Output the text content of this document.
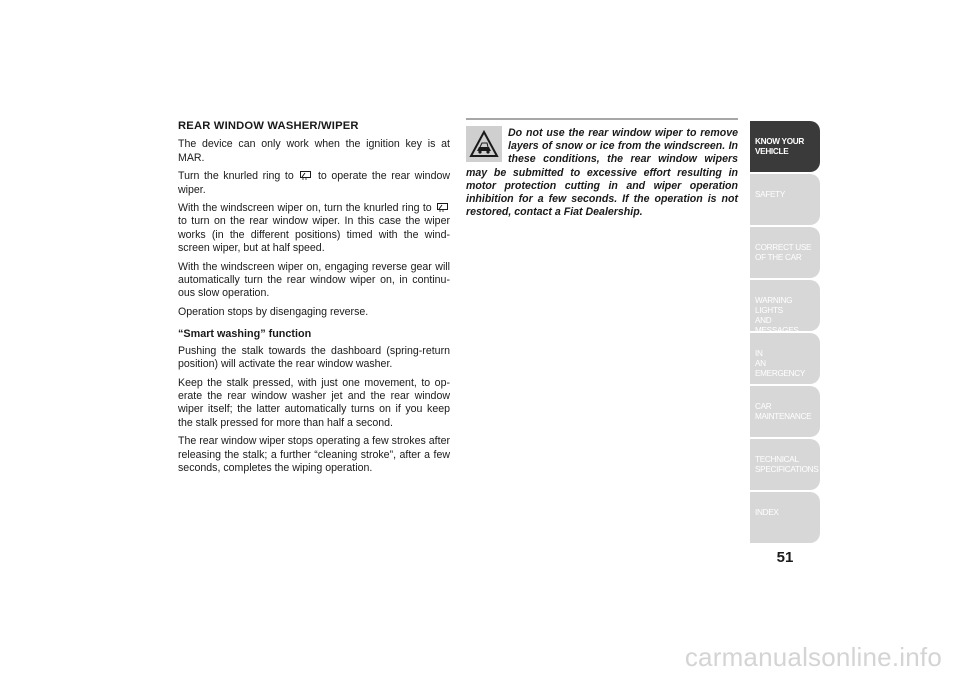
REAR WINDOW WASHER/WIPER

The device can only work when the ignition key is at MAR.

Turn the knurled ring to to operate the rear window wiper.

With the windscreen wiper on, turn the knurled ring to  to turn on the rear window wiper. In this case the wiper works (in the different positions) timed with the windscreen wiper, but at half speed.

With the windscreen wiper on, engaging reverse gear will automatically turn the rear window wiper on, in continuous slow operation.

Operation stops by disengaging reverse.

“Smart washing” function

Pushing the stalk towards the dashboard (spring-return position) will activate the rear window washer.

Keep the stalk pressed, with just one movement, to operate the rear window washer jet and the rear window wiper itself; the latter automatically turns on if you keep the stalk pressed for more than half a second.

The rear window wiper stops operating a few strokes after releasing the stalk; a further “cleaning stroke”, after a few seconds, completes the wiping operation.

Do not use the rear window wiper to remove layers of snow or ice from the windscreen. In these conditions, the rear window wipers may be submitted to excessive effort resulting in motor protection cutting in and wiper operation inhibition for a few seconds. If the operation is not restored, contact a Fiat Dealership.
KNOW YOUR
VEHICLE
SAFETY
CORRECT USE
OF THE CAR
WARNING LIGHTS
AND MESSAGES
IN
AN EMERGENCY
CAR
MAINTENANCE
TECHNICAL
SPECIFICATIONS
INDEX
51
carmanualsonline.info
